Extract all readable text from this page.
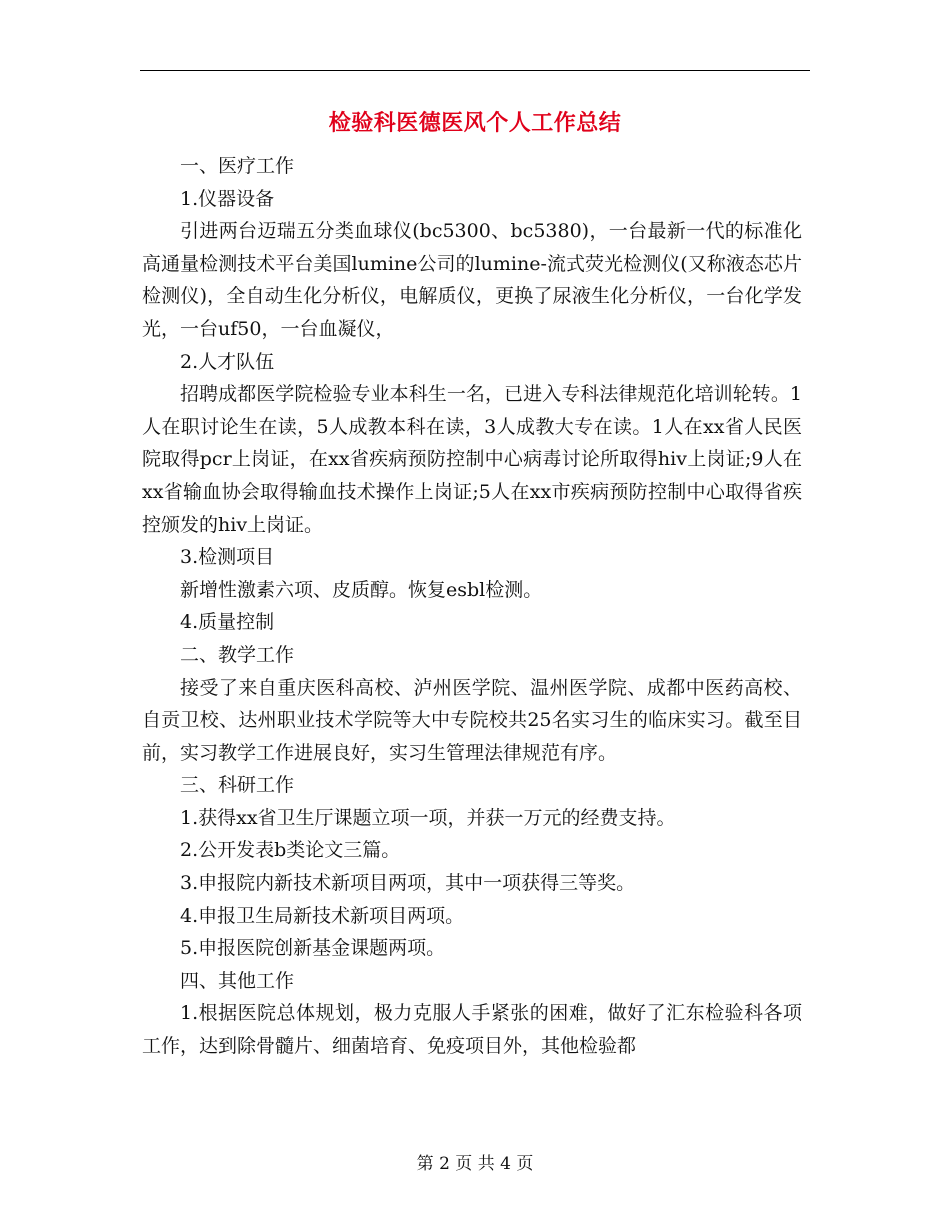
检验科医德医风个人工作总结

一、医疗工作

1.仪器设备

引进两台迈瑞五分类血球仪(bc5300、bc5380)，一台最新一代的标准化高通量检测技术平台美国lumine公司的lumine-流式荧光检测仪(又称液态芯片检测仪)，全自动生化分析仪，电解质仪，更换了尿液生化分析仪，一台化学发光，一台uf50，一台血凝仪，

2.人才队伍

招聘成都医学院检验专业本科生一名，已进入专科法律规范化培训轮转。1人在职讨论生在读，5人成教本科在读，3人成教大专在读。1人在xx省人民医院取得pcr上岗证，在xx省疾病预防控制中心病毒讨论所取得hiv上岗证;9人在xx省输血协会取得输血技术操作上岗证;5人在xx市疾病预防控制中心取得省疾控颁发的hiv上岗证。

3.检测项目

新增性激素六项、皮质醇。恢复esbl检测。

4.质量控制

二、教学工作

接受了来自重庆医科高校、泸州医学院、温州医学院、成都中医药高校、自贡卫校、达州职业技术学院等大中专院校共25名实习生的临床实习。截至目前，实习教学工作进展良好，实习生管理法律规范有序。

三、科研工作

1.获得xx省卫生厅课题立项一项，并获一万元的经费支持。

2.公开发表b类论文三篇。

3.申报院内新技术新项目两项，其中一项获得三等奖。

4.申报卫生局新技术新项目两项。

5.申报医院创新基金课题两项。

四、其他工作

1.根据医院总体规划，极力克服人手紧张的困难，做好了汇东检验科各项工作，达到除骨髓片、细菌培育、免疫项目外，其他检验都

第 2 页 共 4 页
